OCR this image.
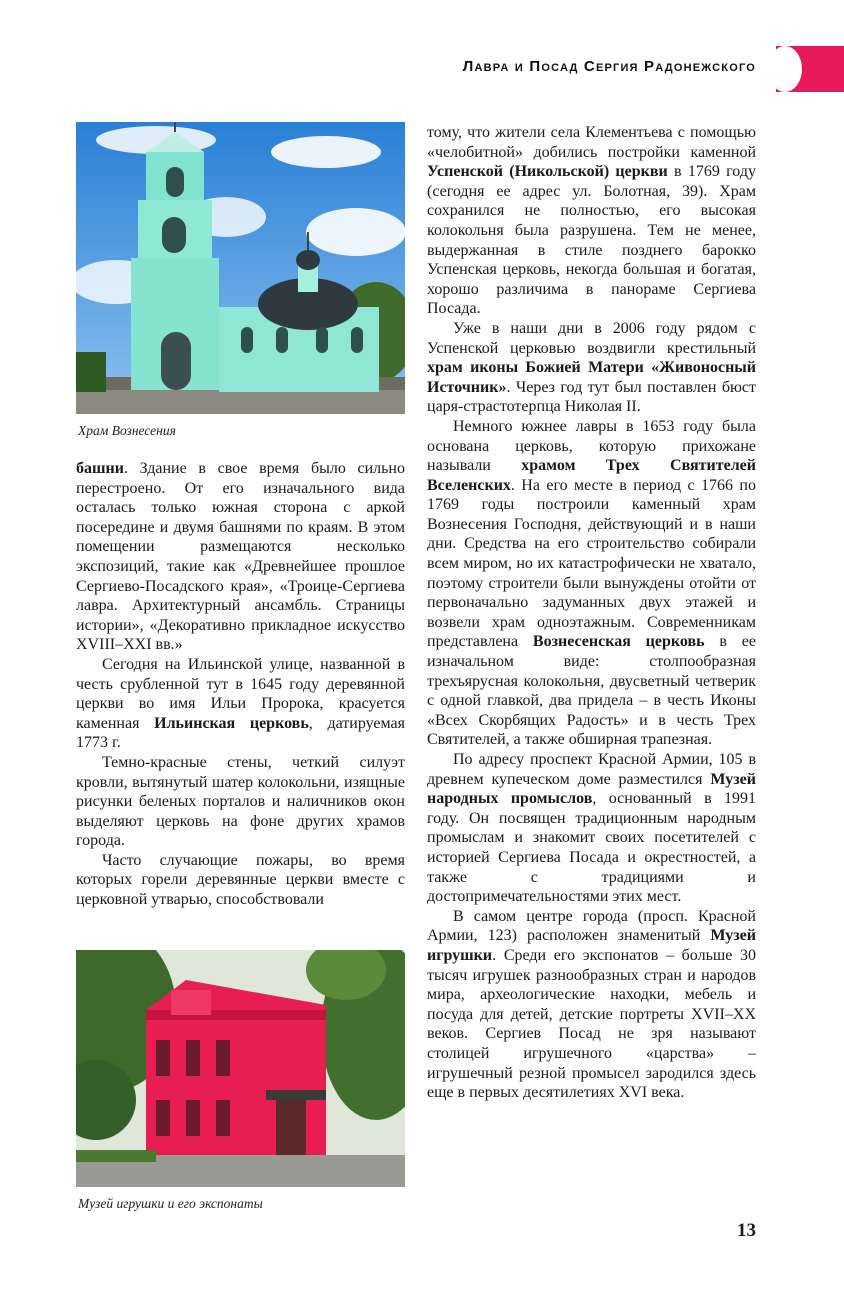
Лавра и Посад Сергия Радонежского
Храм Вознесения
Музей игрушки и его экспонаты

башни. Здание в свое время было сильно перестроено. От его изначального вида осталась только южная сторона с аркой посередине и двумя башнями по краям. В этом помещении размещаются несколько экспозиций, такие как «Древнейшее прошлое Сергиево-Посадского края», «Троице-Сергиева лавра. Архитектурный ансамбль. Страницы истории», «Декоративно прикладное искусство XVIII–XXI вв.»

Сегодня на Ильинской улице, названной в честь срубленной тут в 1645 году деревянной церкви во имя Ильи Пророка, красуется каменная Ильинская церковь, датируемая 1773 г.

Темно-красные стены, четкий силуэт кровли, вытянутый шатер колокольни, изящные рисунки беленых порталов и наличников окон выделяют церковь на фоне других храмов города.

Часто случающие пожары, во время которых горели деревянные церкви вместе с церковной утварью, способствовали

тому, что жители села Клементьева с помощью «челобитной» добились постройки каменной Успенской (Никольской) церкви в 1769 году (сегодня ее адрес ул. Болотная, 39). Храм сохранился не полностью, его высокая колокольня была разрушена. Тем не менее, выдержанная в стиле позднего барокко Успенская церковь, некогда большая и богатая, хорошо различима в панораме Сергиева Посада.

Уже в наши дни в 2006 году рядом с Успенской церковью воздвигли крестильный храм иконы Божией Матери «Живоносный Источник». Через год тут был поставлен бюст царя-страстотерпца Николая II.

Немного южнее лавры в 1653 году была основана церковь, которую прихожане называли храмом Трех Святителей Вселенских. На его месте в период с 1766 по 1769 годы построили каменный храм Вознесения Господня, действующий и в наши дни. Средства на его строительство собирали всем миром, но их катастрофически не хватало, поэтому строители были вынуждены отойти от первоначально задуманных двух этажей и возвели храм одноэтажным. Современникам представлена Вознесенская церковь в ее изначальном виде: столпообразная трехъярусная колокольня, двусветный четверик с одной главкой, два придела – в честь Иконы «Всех Скорбящих Радость» и в честь Трех Святителей, а также обширная трапезная.

По адресу проспект Красной Армии, 105 в древнем купеческом доме разместился Музей народных промыслов, основанный в 1991 году. Он посвящен традиционным народным промыслам и знакомит своих посетителей с историей Сергиева Посада и окрестностей, а также с традициями и достопримечательностями этих мест.

В самом центре города (просп. Красной Армии, 123) расположен знаменитый Музей игрушки. Среди его экспонатов – больше 30 тысяч игрушек разнообразных стран и народов мира, археологические находки, мебель и посуда для детей, детские портреты XVII–XX веков. Сергиев Посад не зря называют столицей игрушечного «царства» – игрушечный резной промысел зародился здесь еще в первых десятилетиях XVI века.

13
